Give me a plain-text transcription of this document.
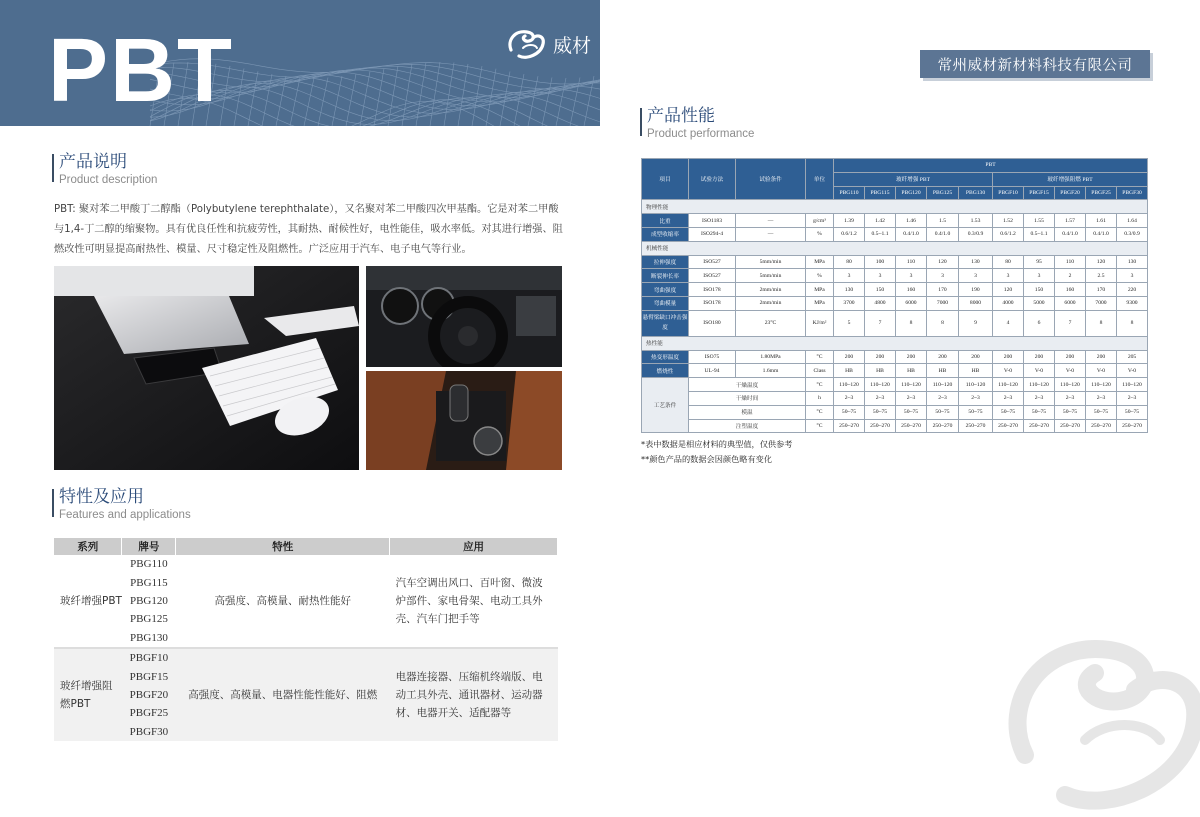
PBT	威材
产品说明
Product description
PBT: 聚对苯二甲酸丁二醇酯（Polybutylene terephthalate），又名聚对苯二甲酸四次甲基酯。它是对苯二甲酸与1,4-丁二醇的缩聚物。具有优良任性和抗疲劳性，其耐热、耐候性好，电性能佳，吸水率低。对其进行增强、阻燃改性可明显提高耐热性、模量、尺寸稳定性及阻燃性。广泛应用于汽车、电子电气等行业。
特性及应用
Features and applications
系列	牌号	特性	应用
玻纤增强PBT	PBG110	高强度、高模量、耐热性能好	汽车空调出风口、百叶窗、微波炉部件、家电骨架、电动工具外壳、汽车门把手等
	PBG115		
	PBG120		
	PBG125		
	PBG130		

玻纤增强阻燃PBT	PBGF10	高强度、高模量、电器性能性能好、阻燃	电器连接器、压缩机终端版、电动工具外壳、通讯器材、运动器材、电器开关、适配器等
	PBGF15		
	PBGF20		
	PBGF25		
	PBGF30		
常州威材新材料科技有限公司
产品性能
Product performance
项目	试验方法	试验条件	单位	PBT									
				玻纤增强 PBT					玻纤增强阻燃 PBT				
				PBG110	PBG115	PBG120	PBG125	PBG130	PBGF10	PBGF15	PBGF20	PBGF25	PBGF30
物理性能													
比重	ISO1183	—	g/cm³	1.39	1.42	1.46	1.5	1.53	1.52	1.55	1.57	1.61	1.64
成型收缩率	ISO294-4	—	%	0.6/1.2	0.5~1.1	0.4/1.0	0.4/1.0	0.3/0.9	0.6/1.2	0.5~1.1	0.4/1.0	0.4/1.0	0.3/0.9
机械性能													
拉伸强度	ISO527	5mm/min	MPa	80	100	110	120	130	80	95	110	120	130
断裂伸长率	ISO527	5mm/min	%	3	3	3	3	3	3	3	2	2.5	3
弯曲强度	ISO178	2mm/min	MPa	130	150	160	170	190	120	150	160	170	220
弯曲模量	ISO178	2mm/min	MPa	3700	4800	6000	7000	8000	4000	5000	6000	7000	9300
悬臂梁缺口冲击强度	ISO180	23°C	KJ/m²	5	7	8	8	9	4	6	7	8	8
热性能													
热变形温度	ISO75	1.80MPa	°C	200	200	200	200	200	200	200	200	200	205
燃烧性	UL-94	1.6mm	Class	HB	HB	HB	HB	HB	V-0	V-0	V-0	V-0	V-0
工艺条件	干燥温度		°C	110~120	110~120	110~120	110~120	110~120	110~120	110~120	110~120	110~120	110~120
	干燥时间		h	2~3	2~3	2~3	2~3	2~3	2~3	2~3	2~3	2~3	2~3
	模温		°C	50~75	50~75	50~75	50~75	50~75	50~75	50~75	50~75	50~75	50~75
	注塑温度		°C	250~270	250~270	250~270	250~270	250~270	250~270	250~270	250~270	250~270	250~270
*表中数据是相应材料的典型值，仅供参考
**颜色产品的数据会因颜色略有变化
